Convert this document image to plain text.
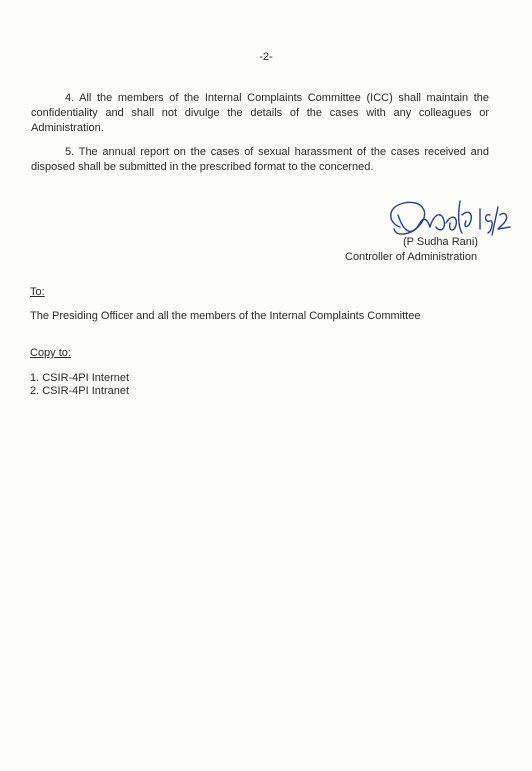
-2-

4. All the members of the Internal Complaints Committee (ICC) shall maintain the confidentiality and shall not divulge the details of the cases with any colleagues or Administration.

5. The annual report on the cases of sexual harassment of the cases received and disposed shall be submitted in the prescribed format to the concerned.

(P Sudha Rani)
Controller of Administration
To:
The Presiding Officer and all the members of the Internal Complaints Committee
Copy to:
1. CSIR-4PI Internet
2. CSIR-4PI Intranet
